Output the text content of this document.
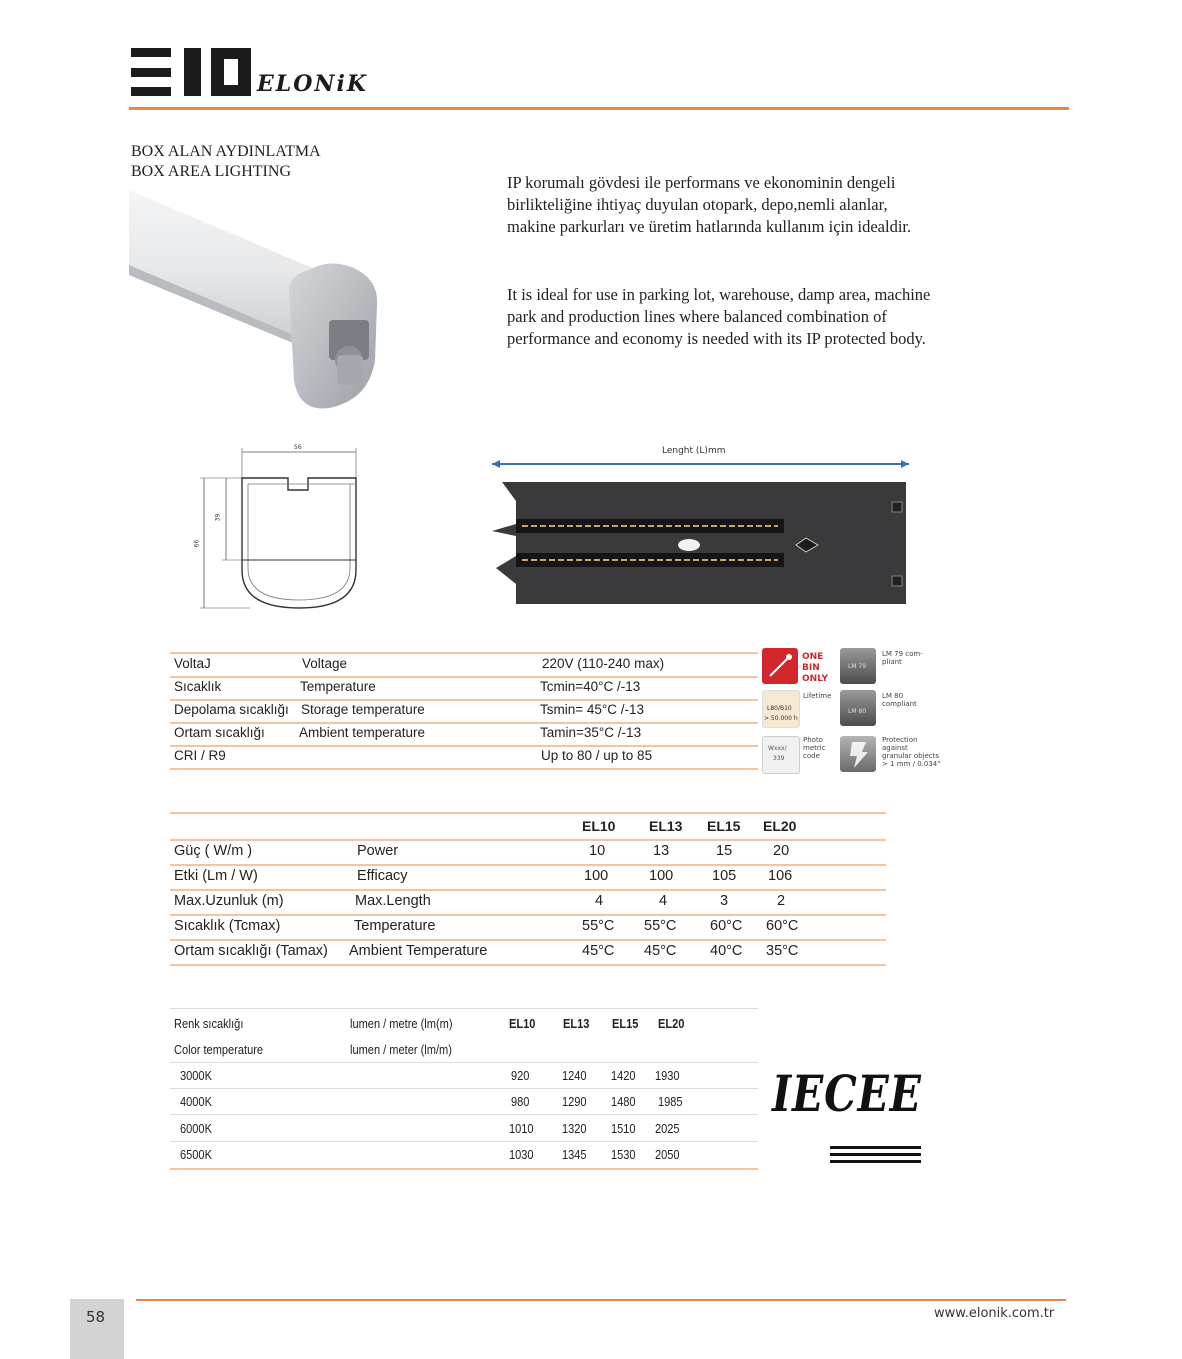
ELONiK
BOX ALAN AYDINLATMA
BOX AREA LIGHTING
IP korumalı gövdesi ile performans ve ekonominin dengeli
birlikteliğine ihtiyaç duyulan otopark, depo,nemli alanlar,
makine parkurları ve üretim hatlarında kullanım için idealdir.
It is ideal for use in parking lot, warehouse, damp area, machine
park and production lines where balanced combination of
performance and economy is needed with its IP protected body.
56
39
66
Lenght (L)mm
VoltaJ	Voltage	220V (110-240 max)
Sıcaklık	Temperature	Tcmin=40°C /-13
Depolama sıcaklığı Storage temperature	Tsmin= 45°C /-13
Ortam sıcaklığı	Ambient temperature	Tamin=35°C /-13
CRI / R9	Up to 80 / up to 85
ONE
BIN
ONLY
LM 79
LM 79 com-
pliant
L80/B10
> 50.000 h
Lifetime
LM 80
LM 80
compliant
Wxxx/
339
Photo
metric
code
Protection
against
granular objects
> 1 mm / 0.034"
EL10 EL13 EL15 EL20
Güç ( W/m )	Power	10	13	15	20
Etki (Lm / W)	Efficacy	100	100	105 106
Max.Uzunluk (m)	Max.Length	4	4	3	2
Sıcaklık (Tcmax)	Temperature	55°C 55°C 60°C 60°C
Ortam sıcaklığı (Tamax) Ambient Temperature	45°C 45°C 40°C 35°C
Renk sıcaklığı	lumen / metre (lm(m)	EL10 EL13 EL15 EL20
Color temperature	lumen / meter (lm/m)
3000K	920	1240 1420 1930
4000K	980	1290 1480 1985
6000K	1010 1320 1510 2025
6500K	1030 1345 1530 2050
IECEE
58	www.elonik.com.tr
